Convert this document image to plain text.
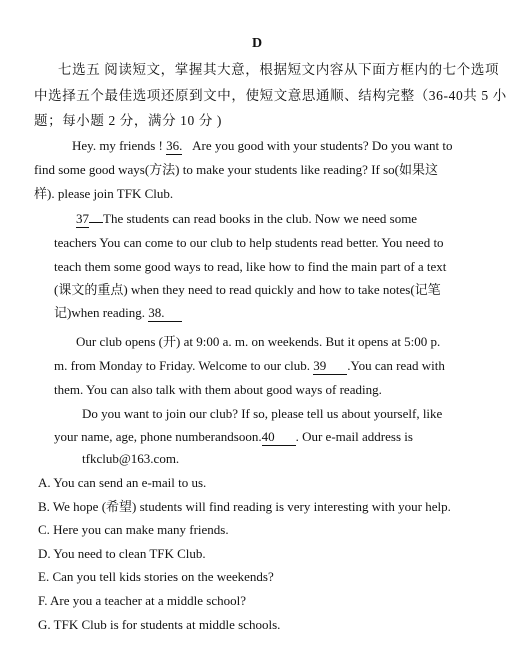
D
七选五 阅读短文，掌握其大意，根据短文内容从下面方框内的七个选项
中选择五个最佳选项还原到文中，使短文意思通顺、结构完整（36-40共 5 小
题；每小题 2 分，满分 10 分 )
Hey. my friends ! 36. Are you good with your students? Do you want to
find some good ways(方法) to make your students like reading? If so(如果这
样). please join TFK Club.
37 The students can read books in the club. Now we need some
teachers You can come to our club to help students read better. You need to
teach them some good ways to read, like how to find the main part of a text
(课文的重点) when they need to read quickly and how to take notes(记笔
记)when reading. 38.
Our club opens (开) at 9:00 a. m. on weekends. But it opens at 5:00 p.
m. from Monday to Friday. Welcome to our club. 39 .You can read with
them. You can also talk with them about good ways of reading.
Do you want to join our club? If so, please tell us about yourself, like
your name, age, phone numberandsoon.40 . Our e-mail address is
tfkclub@163.com.
A. You can send an e-mail to us.
B. We hope (希望) students will find reading is very interesting with your help.
C. Here you can make many friends.
D. You need to clean TFK Club.
E. Can you tell kids stories on the weekends?
F. Are you a teacher at a middle school?
G. TFK Club is for students at middle schools.
